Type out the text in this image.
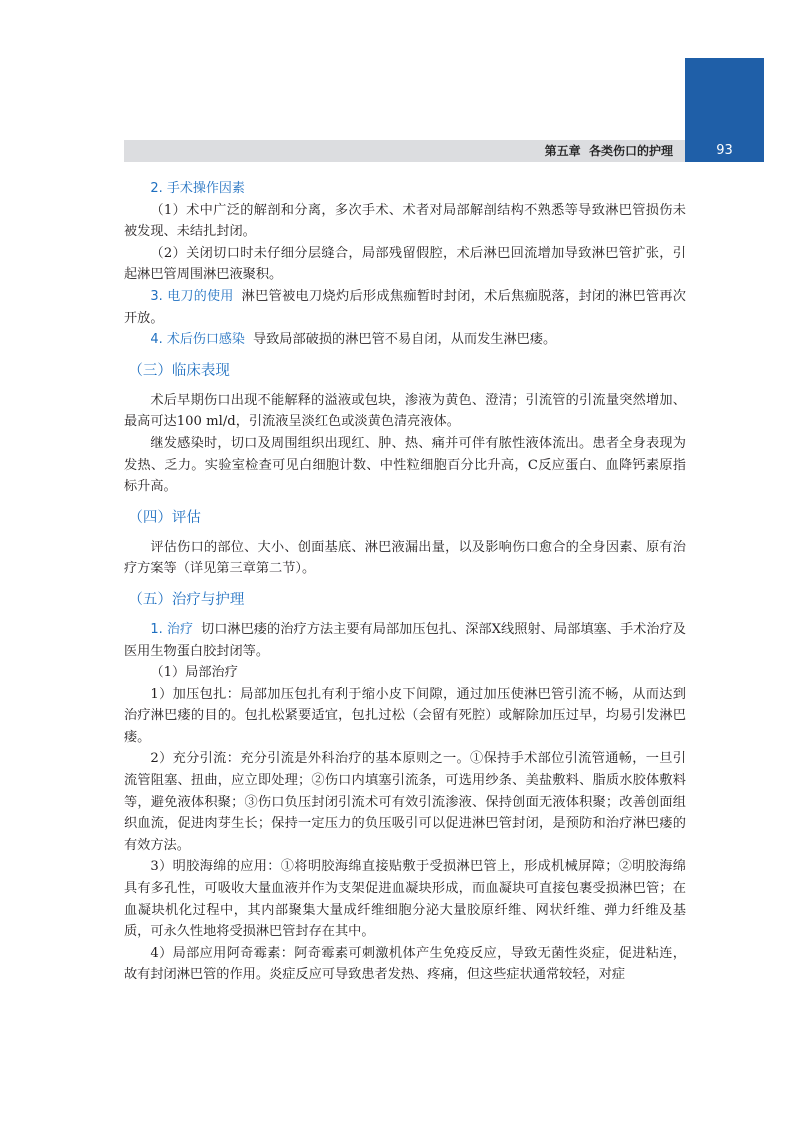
第五章 各类伤口的护理	93

2. 手术操作因素

（1）术中广泛的解剖和分离，多次手术、术者对局部解剖结构不熟悉等导致淋巴管损伤未被发现、未结扎封闭。

（2）关闭切口时未仔细分层缝合，局部残留假腔，术后淋巴回流增加导致淋巴管扩张，引起淋巴管周围淋巴液聚积。

3. 电刀的使用 淋巴管被电刀烧灼后形成焦痂暂时封闭，术后焦痂脱落，封闭的淋巴管再次开放。

4. 术后伤口感染 导致局部破损的淋巴管不易自闭，从而发生淋巴瘘。

（三）临床表现

术后早期伤口出现不能解释的溢液或包块，渗液为黄色、澄清；引流管的引流量突然增加、最高可达100 ml/d，引流液呈淡红色或淡黄色清亮液体。

继发感染时，切口及周围组织出现红、肿、热、痛并可伴有脓性液体流出。患者全身表现为发热、乏力。实验室检查可见白细胞计数、中性粒细胞百分比升高，C反应蛋白、血降钙素原指标升高。

（四）评估

评估伤口的部位、大小、创面基底、淋巴液漏出量，以及影响伤口愈合的全身因素、原有治疗方案等（详见第三章第二节）。

（五）治疗与护理

1. 治疗 切口淋巴瘘的治疗方法主要有局部加压包扎、深部X线照射、局部填塞、手术治疗及医用生物蛋白胶封闭等。

（1）局部治疗

1）加压包扎：局部加压包扎有利于缩小皮下间隙，通过加压使淋巴管引流不畅，从而达到治疗淋巴瘘的目的。包扎松紧要适宜，包扎过松（会留有死腔）或解除加压过早，均易引发淋巴瘘。

2）充分引流：充分引流是外科治疗的基本原则之一。①保持手术部位引流管通畅，一旦引流管阻塞、扭曲，应立即处理；②伤口内填塞引流条，可选用纱条、美盐敷料、脂质水胶体敷料等，避免液体积聚；③伤口负压封闭引流术可有效引流渗液、保持创面无液体积聚；改善创面组织血流，促进肉芽生长；保持一定压力的负压吸引可以促进淋巴管封闭，是预防和治疗淋巴瘘的有效方法。

3）明胶海绵的应用：①将明胶海绵直接贴敷于受损淋巴管上，形成机械屏障；②明胶海绵具有多孔性，可吸收大量血液并作为支架促进血凝块形成，而血凝块可直接包裹受损淋巴管；在血凝块机化过程中，其内部聚集大量成纤维细胞分泌大量胶原纤维、网状纤维、弹力纤维及基质，可永久性地将受损淋巴管封存在其中。

4）局部应用阿奇霉素：阿奇霉素可刺激机体产生免疫反应，导致无菌性炎症，促进粘连，故有封闭淋巴管的作用。炎症反应可导致患者发热、疼痛，但这些症状通常较轻，对症
